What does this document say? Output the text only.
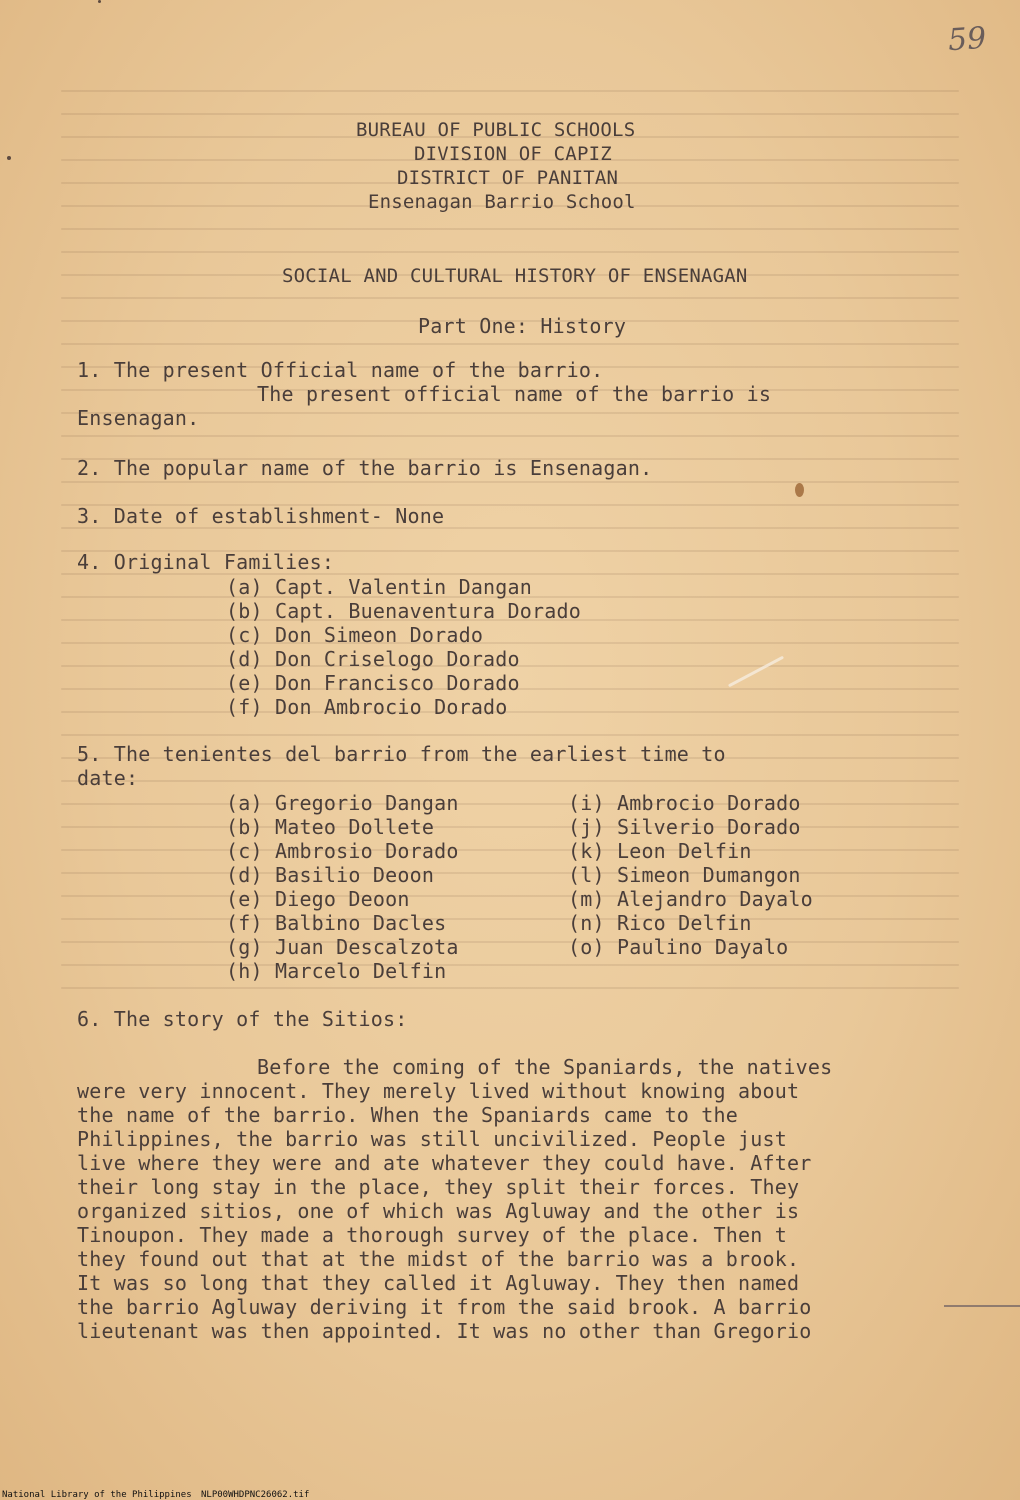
59
BUREAU OF PUBLIC SCHOOLS
DIVISION OF CAPIZ
DISTRICT OF PANITAN
Ensenagan Barrio School
SOCIAL AND CULTURAL HISTORY OF ENSENAGAN
Part One: History
1. The present Official name of the barrio.
The present official name of the barrio is
Ensenagan.
2. The popular name of the barrio is Ensenagan.
3. Date of establishment- None
4. Original Families:
(a) Capt. Valentin Dangan
(b) Capt. Buenaventura Dorado
(c) Don Simeon Dorado
(d) Don Criselogo Dorado
(e) Don Francisco Dorado
(f) Don Ambrocio Dorado
5. The tenientes del barrio from the earliest time to
date:
(a) Gregorio Dangan
(b) Mateo Dollete
(c) Ambrosio Dorado
(d) Basilio Deoon
(e) Diego Deoon
(f) Balbino Dacles
(g) Juan Descalzota
(h) Marcelo Delfin
(i) Ambrocio Dorado
(j) Silverio Dorado
(k) Leon Delfin
(l) Simeon Dumangon
(m) Alejandro Dayalo
(n) Rico Delfin
(o) Paulino Dayalo
6. The story of the Sitios:
Before the coming of the Spaniards, the natives
were very innocent. They merely lived without knowing about
the name of the barrio. When the Spaniards came to the
Philippines, the barrio was still uncivilized. People just
live where they were and ate whatever they could have. After
their long stay in the place, they split their forces. They
organized sitios, one of which was Agluway and the other is
Tinoupon. They made a thorough survey of the place. Then t
they found out that at the midst of the barrio was a brook.
It was so long that they called it Agluway. They then named
the barrio Agluway deriving it from the said brook. A barrio
lieutenant was then appointed. It was no other than Gregorio
National Library of the Philippines NLP00WHDPNC26062.tif
